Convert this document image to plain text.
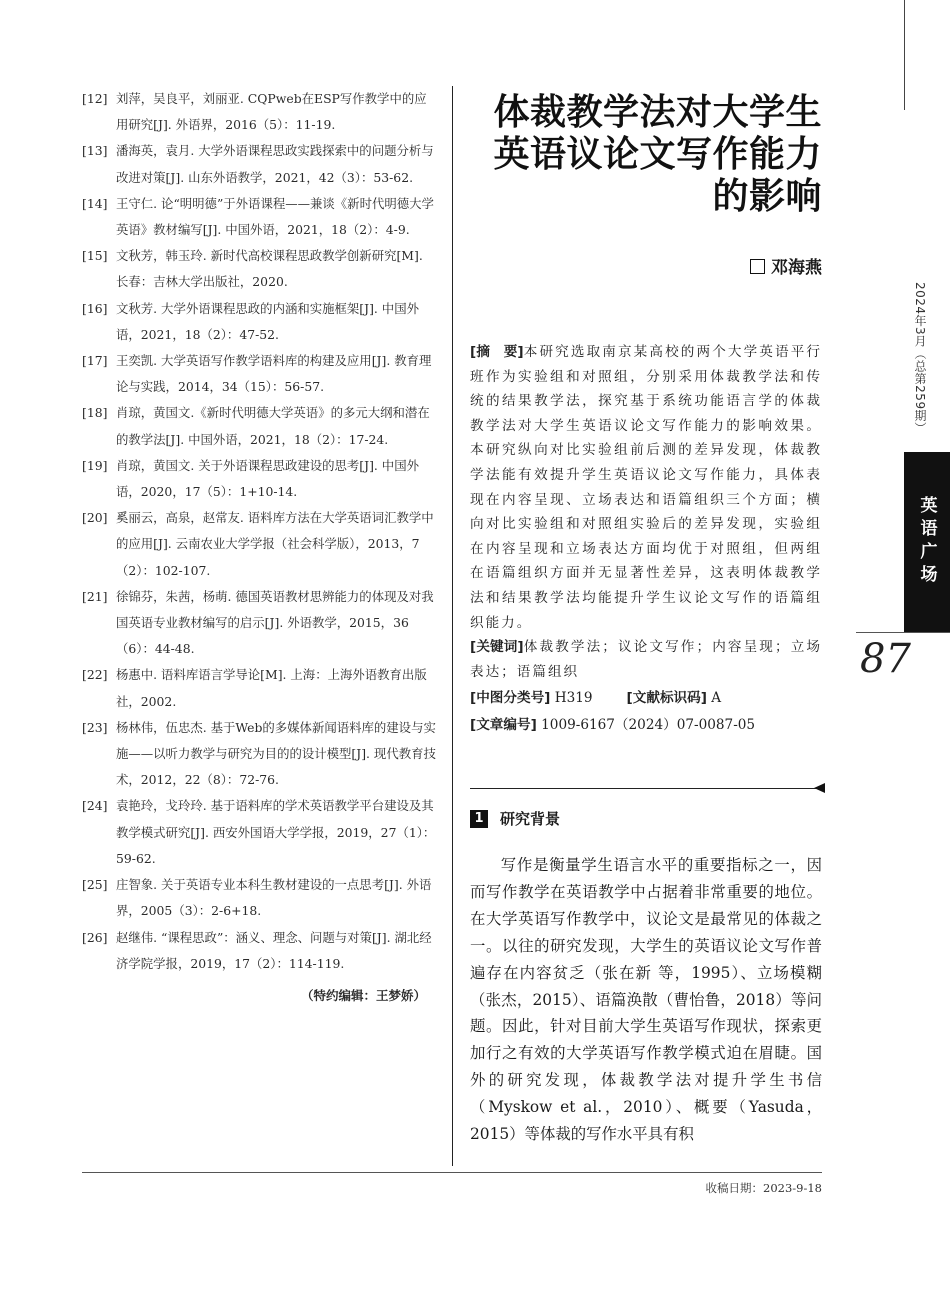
[12] 刘萍，吴良平，刘丽亚. CQPweb在ESP写作教学中的应用研究[J]. 外语界，2016（5）：11-19.
[13] 潘海英，袁月. 大学外语课程思政实践探索中的问题分析与改进对策[J]. 山东外语教学，2021，42（3）：53-62.
[14] 王守仁. 论“明明德”于外语课程——兼谈《新时代明德大学英语》教材编写[J]. 中国外语，2021，18（2）：4-9.
[15] 文秋芳，韩玉玲. 新时代高校课程思政教学创新研究[M]. 长春：吉林大学出版社，2020.
[16] 文秋芳. 大学外语课程思政的内涵和实施框架[J]. 中国外语，2021，18（2）：47-52.
[17] 王奕凯. 大学英语写作教学语料库的构建及应用[J]. 教育理论与实践，2014，34（15）：56-57.
[18] 肖琼，黄国文.《新时代明德大学英语》的多元大纲和潜在的教学法[J]. 中国外语，2021，18（2）：17-24.
[19] 肖琼，黄国文. 关于外语课程思政建设的思考[J]. 中国外语，2020，17（5）：1+10-14.
[20] 奚丽云，高泉，赵常友. 语料库方法在大学英语词汇教学中的应用[J]. 云南农业大学学报（社会科学版），2013，7（2）：102-107.
[21] 徐锦芬，朱茜，杨萌. 德国英语教材思辨能力的体现及对我国英语专业教材编写的启示[J]. 外语教学，2015，36（6）：44-48.
[22] 杨惠中. 语料库语言学导论[M]. 上海：上海外语教育出版社，2002.
[23] 杨林伟，伍忠杰. 基于Web的多媒体新闻语料库的建设与实施——以听力教学与研究为目的的设计模型[J]. 现代教育技术，2012，22（8）：72-76.
[24] 袁艳玲，戈玲玲. 基于语料库的学术英语教学平台建设及其教学模式研究[J]. 西安外国语大学学报，2019，27（1）：59-62.
[25] 庄智象. 关于英语专业本科生教材建设的一点思考[J]. 外语界，2005（3）：2-6+18.
[26] 赵继伟. “课程思政”：涵义、理念、问题与对策[J]. 湖北经济学院学报，2019，17（2）：114-119.
（特约编辑：王梦娇）
体裁教学法对大学生
英语议论文写作能力
的影响
邓海燕

[摘　要]本研究选取南京某高校的两个大学英语平行班作为实验组和对照组，分别采用体裁教学法和传统的结果教学法，探究基于系统功能语言学的体裁教学法对大学生英语议论文写作能力的影响效果。本研究纵向对比实验组前后测的差异发现，体裁教学法能有效提升学生英语议论文写作能力，具体表现在内容呈现、立场表达和语篇组织三个方面；横向对比实验组和对照组实验后的差异发现，实验组在内容呈现和立场表达方面均优于对照组，但两组在语篇组织方面并无显著性差异，这表明体裁教学法和结果教学法均能提升学生议论文写作的语篇组织能力。

[关键词]体裁教学法；议论文写作；内容呈现；立场表达；语篇组织

[中图分类号] H319	[文献标识码] A

[文章编号] 1009-6167（2024）07-0087-05

1 研究背景

写作是衡量学生语言水平的重要指标之一，因而写作教学在英语教学中占据着非常重要的地位。在大学英语写作教学中，议论文是最常见的体裁之一。以往的研究发现，大学生的英语议论文写作普遍存在内容贫乏（张在新 等，1995）、立场模糊（张杰，2015）、语篇涣散（曹怡鲁，2018）等问题。因此，针对目前大学生英语写作现状，探索更加行之有效的大学英语写作教学模式迫在眉睫。国外的研究发现，体裁教学法对提升学生书信（Myskow et al.，2010）、概要（Yasuda，2015）等体裁的写作水平具有积

收稿日期：2023-9-18
2024年3月（总第259期）
英语广场
87
